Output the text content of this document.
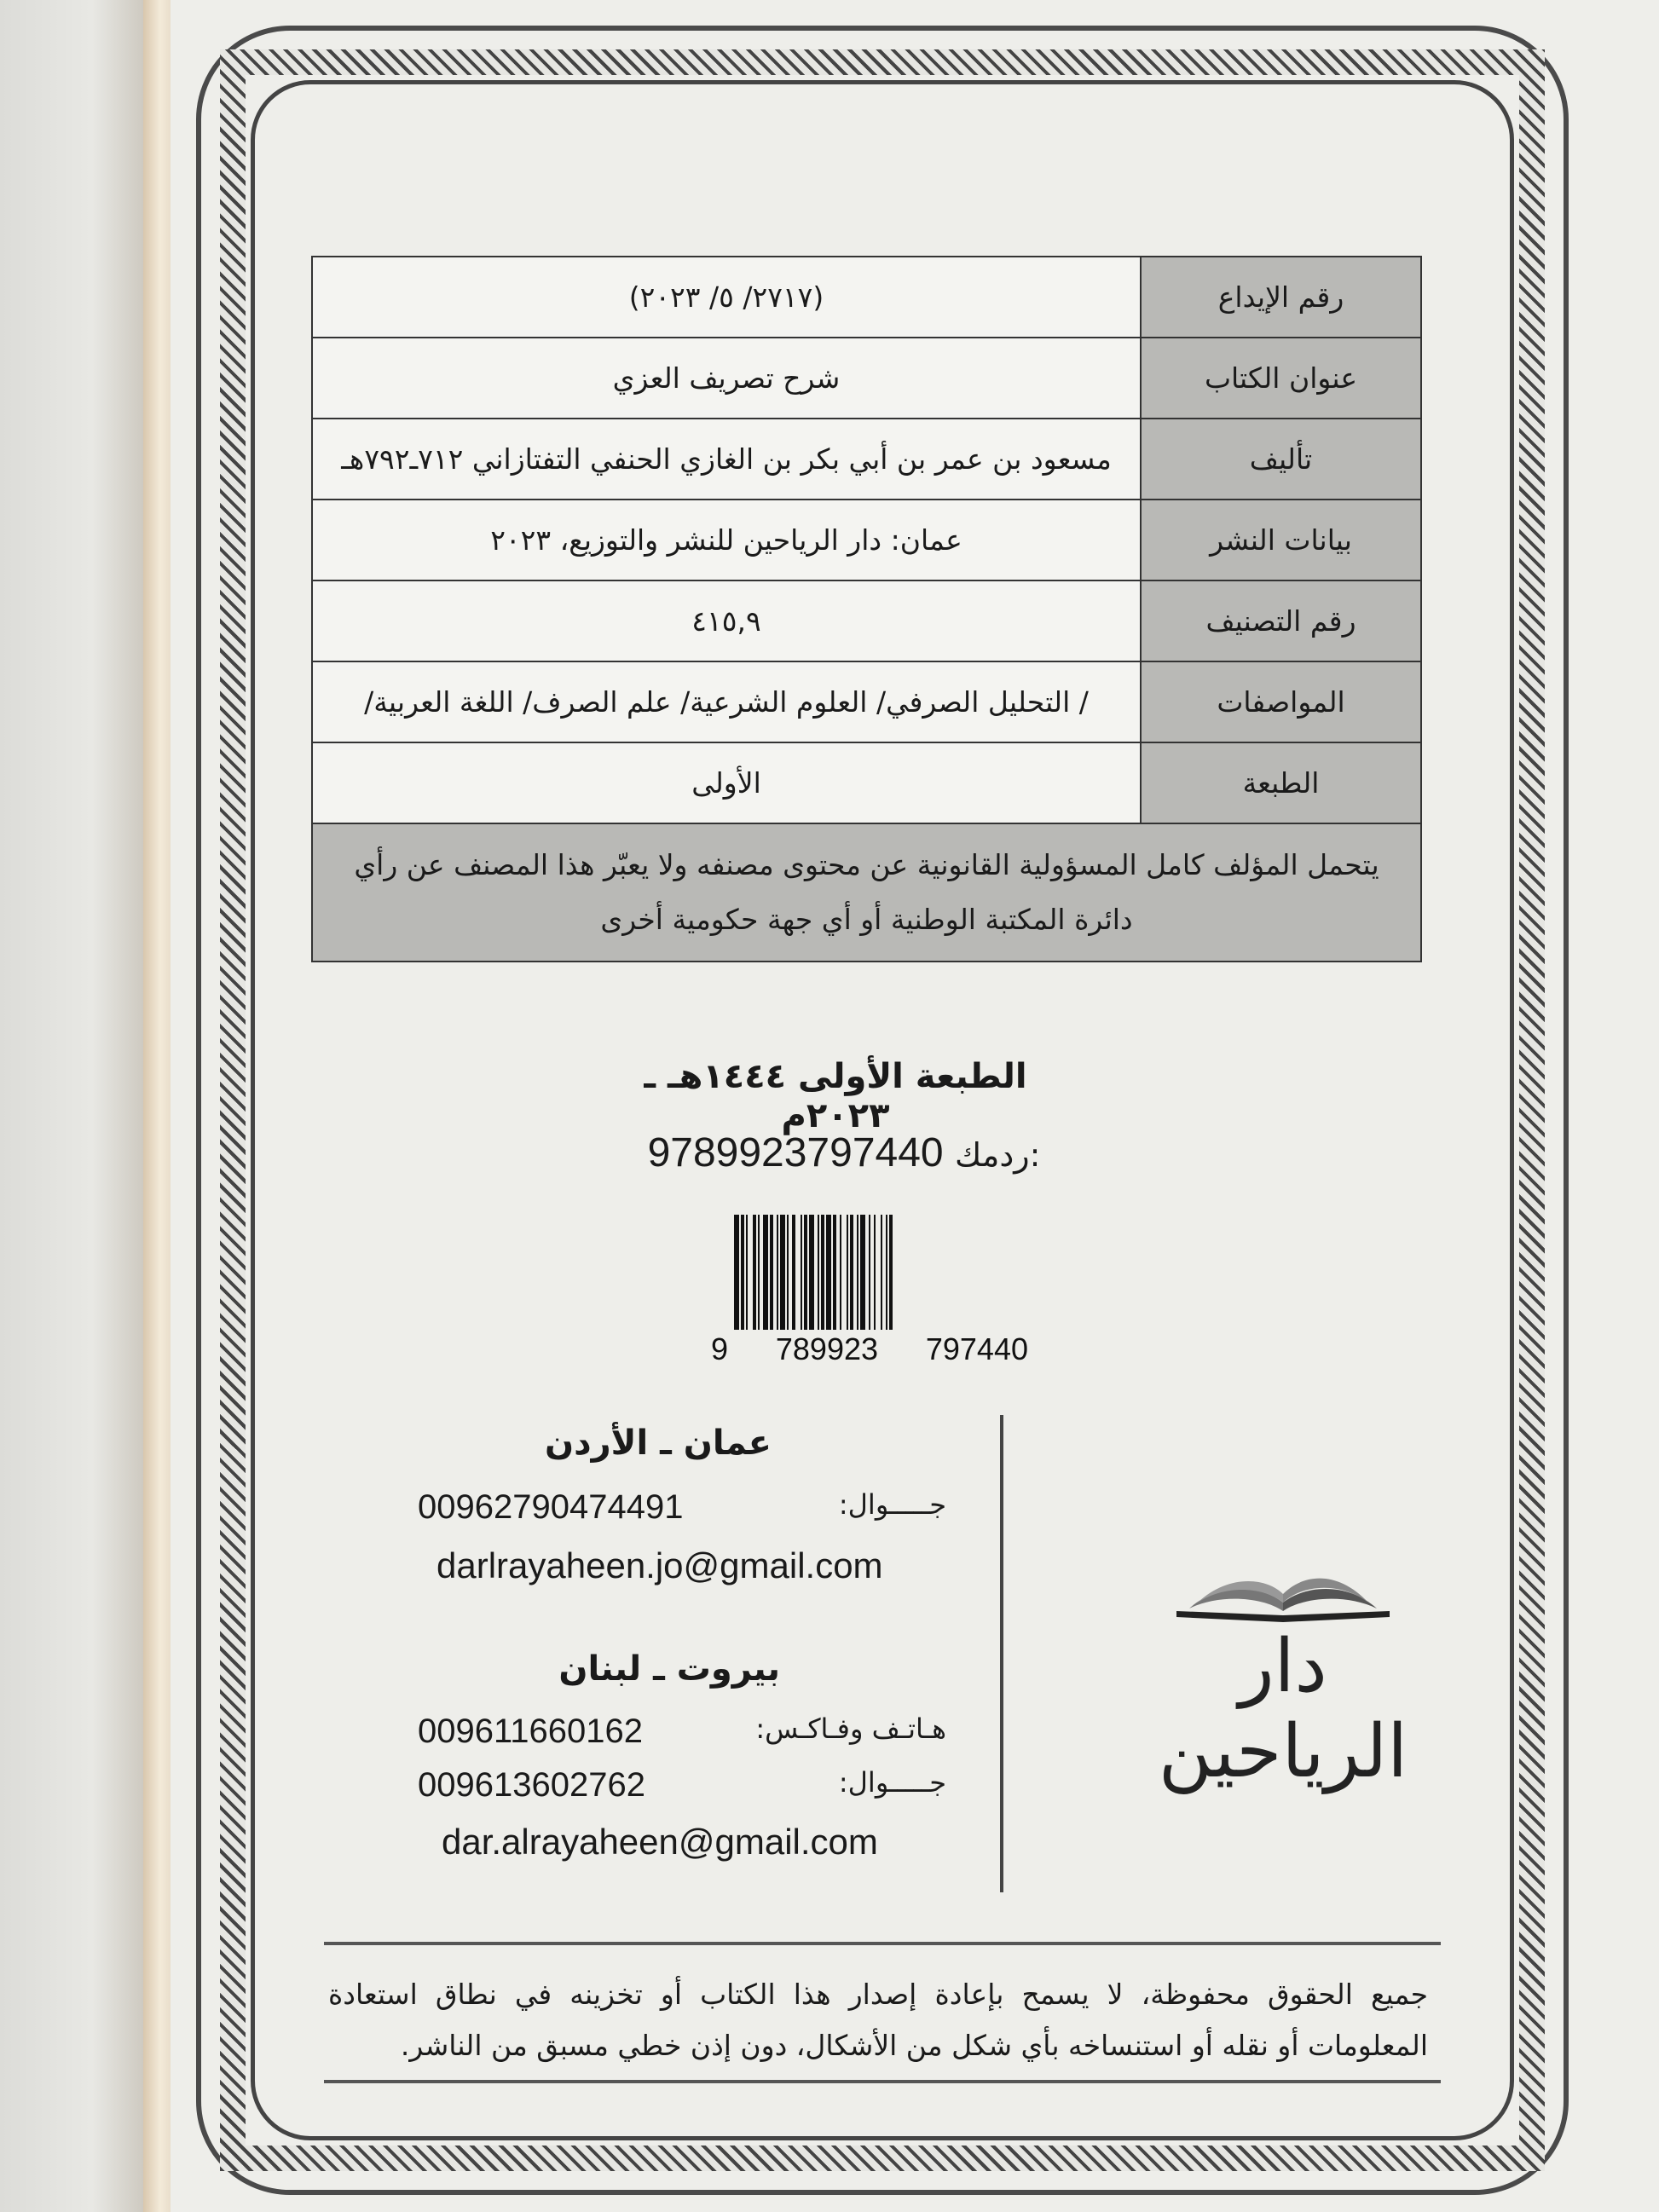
رقم الإيداع	(٢٧١٧/ ٥/ ٢٠٢٣)
عنوان الكتاب	شرح تصريف العزي
تأليف	مسعود بن عمر بن أبي بكر بن الغازي الحنفي التفتازاني ٧١٢ـ٧٩٢هـ
بيانات النشر	عمان: دار الرياحين للنشر والتوزيع، ٢٠٢٣
رقم التصنيف	٤١٥,٩
المواصفات	/ التحليل الصرفي/ العلوم الشرعية/ علم الصرف/ اللغة العربية/
الطبعة	الأولى
يتحمل المؤلف كامل المسؤولية القانونية عن محتوى مصنفه ولا يعبّر هذا المصنف عن رأي دائرة المكتبة الوطنية أو أي جهة حكومية أخرى	
الطبعة الأولى ١٤٤٤هـ ـ ٢٠٢٣م
9789923797440 ردمك:
9 789923 797440
عمان ـ الأردن
00962790474491	جـــــوال:
darlrayaheen.jo@gmail.com
بيروت ـ لبنان
009611660162	هـاتـف وفـاكـس:
009613602762	جـــــوال:
dar.alrayaheen@gmail.com
دار الرياحين
جميع الحقوق محفوظة، لا يسمح بإعادة إصدار هذا الكتاب أو تخزينه في نطاق استعادة المعلومات أو نقله أو استنساخه بأي شكل من الأشكال، دون إذن خطي مسبق من الناشر.
